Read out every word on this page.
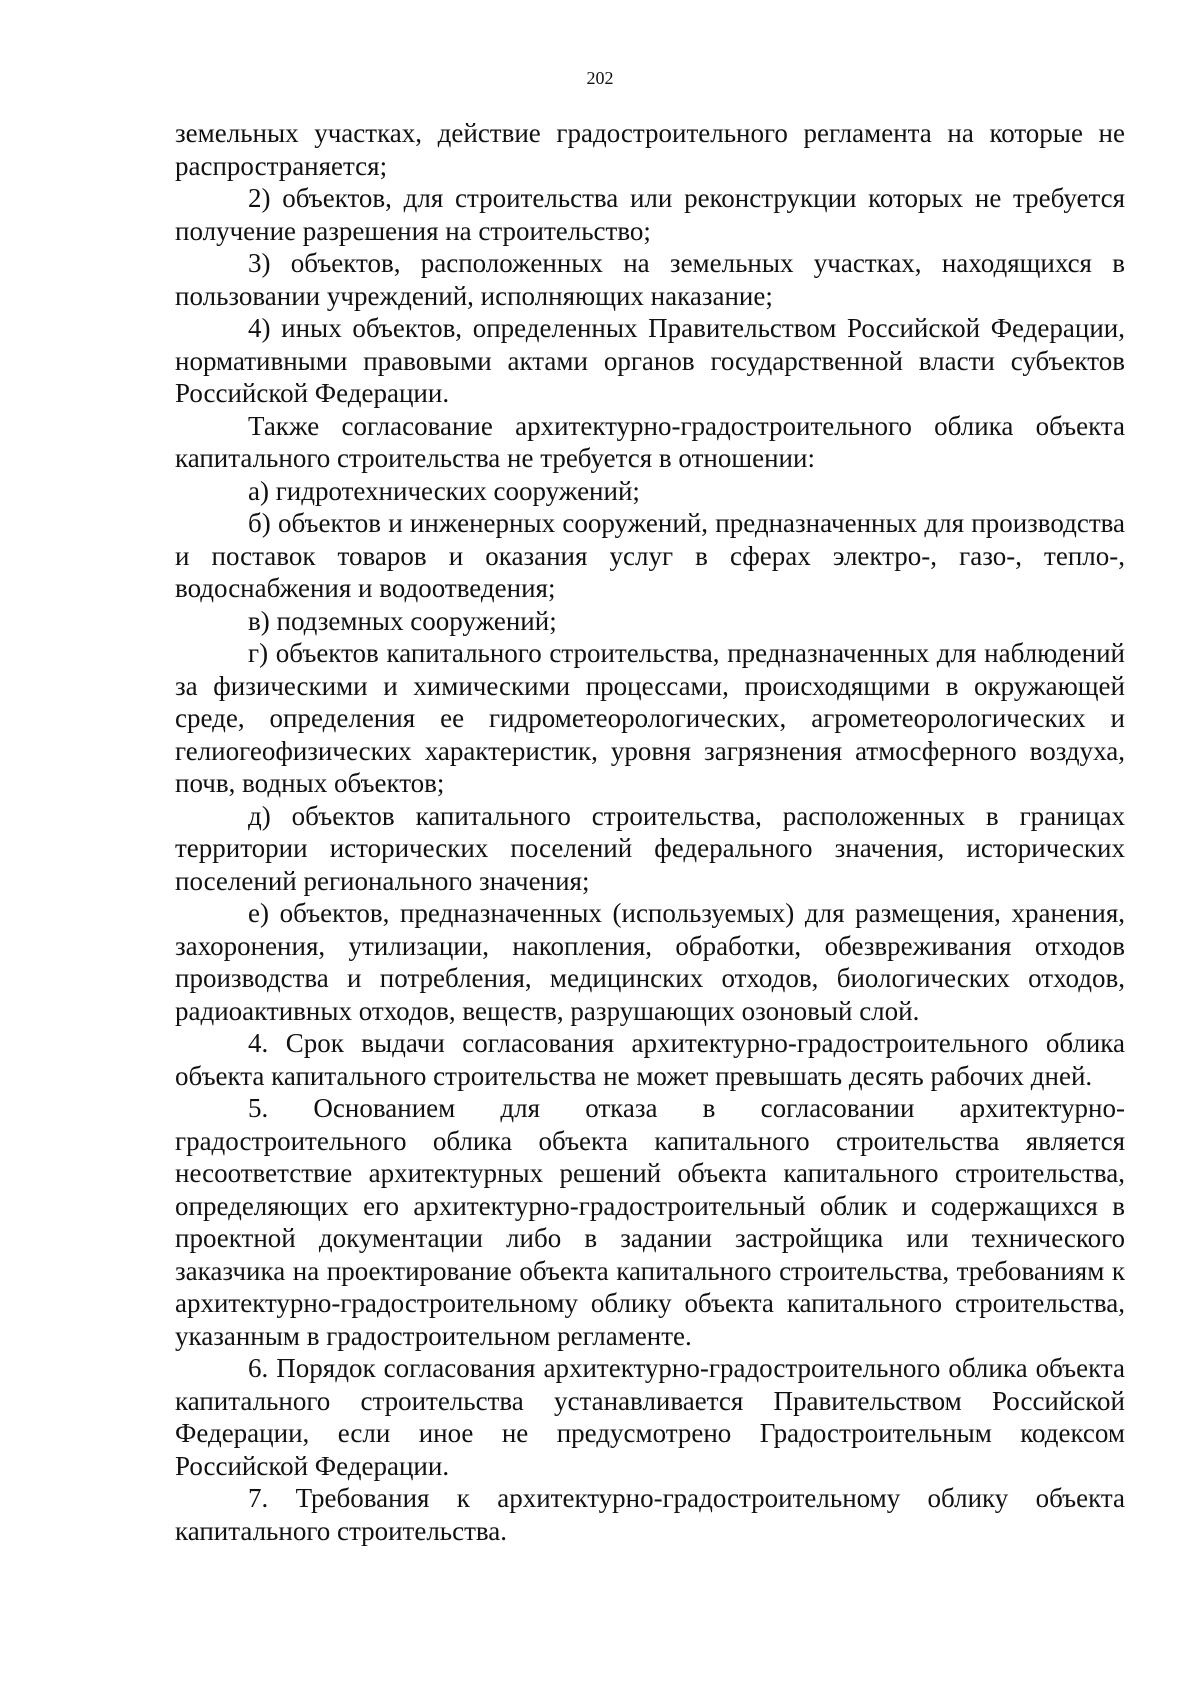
202

земельных участках, действие градостроительного регламента на которые не распространяется;

2) объектов, для строительства или реконструкции которых не требуется получение разрешения на строительство;

3) объектов, расположенных на земельных участках, находящихся в пользовании учреждений, исполняющих наказание;

4) иных объектов, определенных Правительством Российской Федерации, нормативными правовыми актами органов государственной власти субъектов Российской Федерации.

Также согласование архитектурно-градостроительного облика объекта капитального строительства не требуется в отношении:

а) гидротехнических сооружений;

б) объектов и инженерных сооружений, предназначенных для производства и поставок товаров и оказания услуг в сферах электро-, газо-, тепло-, водоснабжения и водоотведения;

в) подземных сооружений;

г) объектов капитального строительства, предназначенных для наблюдений за физическими и химическими процессами, происходящими в окружающей среде, определения ее гидрометеорологических, агрометеорологических и гелиогеофизических характеристик, уровня загрязнения атмосферного воздуха, почв, водных объектов;

д) объектов капитального строительства, расположенных в границах территории исторических поселений федерального значения, исторических поселений регионального значения;

е) объектов, предназначенных (используемых) для размещения, хранения, захоронения, утилизации, накопления, обработки, обезвреживания отходов производства и потребления, медицинских отходов, биологических отходов, радиоактивных отходов, веществ, разрушающих озоновый слой.

4. Срок выдачи согласования архитектурно-градостроительного облика объекта капитального строительства не может превышать десять рабочих дней.

5. Основанием для отказа в согласовании архитектурно-градостроительного облика объекта капитального строительства является несоответствие архитектурных решений объекта капитального строительства, определяющих его архитектурно-градостроительный облик и содержащихся в проектной документации либо в задании застройщика или технического заказчика на проектирование объекта капитального строительства, требованиям к архитектурно-градостроительному облику объекта капитального строительства, указанным в градостроительном регламенте.

6. Порядок согласования архитектурно-градостроительного облика объекта капитального строительства устанавливается Правительством Российской Федерации, если иное не предусмотрено Градостроительным кодексом Российской Федерации.

7. Требования к архитектурно-градостроительному облику объекта капитального строительства.
